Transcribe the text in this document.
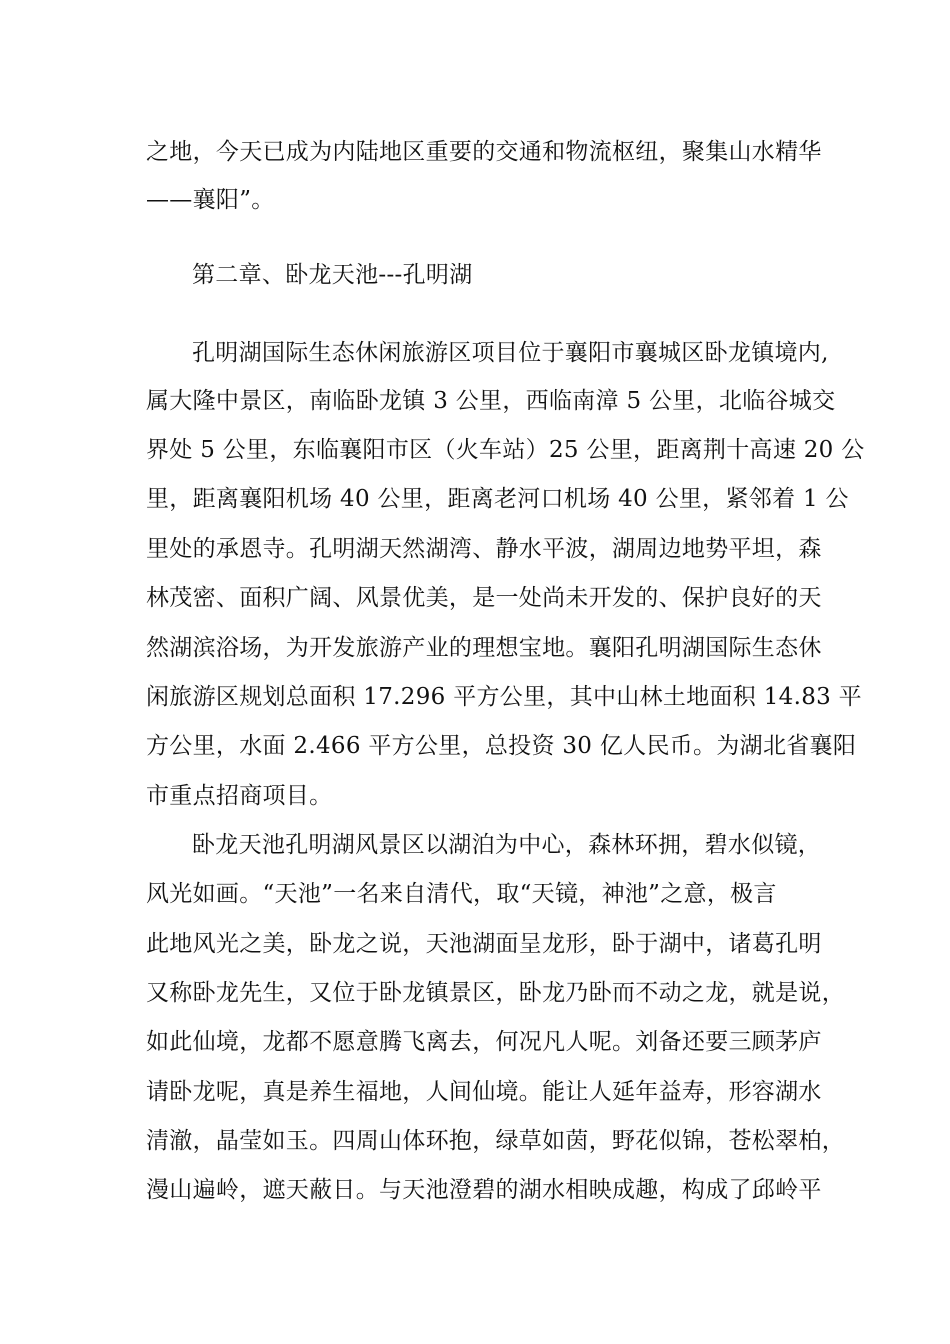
之地，今天已成为内陆地区重要的交通和物流枢纽，聚集山水精华
——襄阳”。
第二章、卧龙天池---孔明湖
孔明湖国际生态休闲旅游区项目位于襄阳市襄城区卧龙镇境内,
属大隆中景区，南临卧龙镇 3 公里，西临南漳 5 公里，北临谷城交
界处 5 公里，东临襄阳市区（火车站）25 公里，距离荆十高速 20 公
里，距离襄阳机场 40 公里，距离老河口机场 40 公里，紧邻着 1 公
里处的承恩寺。孔明湖天然湖湾、静水平波，湖周边地势平坦，森
林茂密、面积广阔、风景优美，是一处尚未开发的、保护良好的天
然湖滨浴场，为开发旅游产业的理想宝地。襄阳孔明湖国际生态休
闲旅游区规划总面积 17.296 平方公里，其中山林土地面积 14.83 平
方公里，水面 2.466 平方公里，总投资 30 亿人民币。为湖北省襄阳
市重点招商项目。
卧龙天池孔明湖风景区以湖泊为中心，森林环拥，碧水似镜，
风光如画。“天池”一名来自清代，取“天镜，神池”之意，极言
此地风光之美，卧龙之说，天池湖面呈龙形，卧于湖中，诸葛孔明
又称卧龙先生，又位于卧龙镇景区，卧龙乃卧而不动之龙，就是说，
如此仙境，龙都不愿意腾飞离去，何况凡人呢。刘备还要三顾茅庐
请卧龙呢，真是养生福地，人间仙境。能让人延年益寿，形容湖水
清澈，晶莹如玉。四周山体环抱，绿草如茵，野花似锦，苍松翠柏，
漫山遍岭，遮天蔽日。与天池澄碧的湖水相映成趣，构成了邱岭平
